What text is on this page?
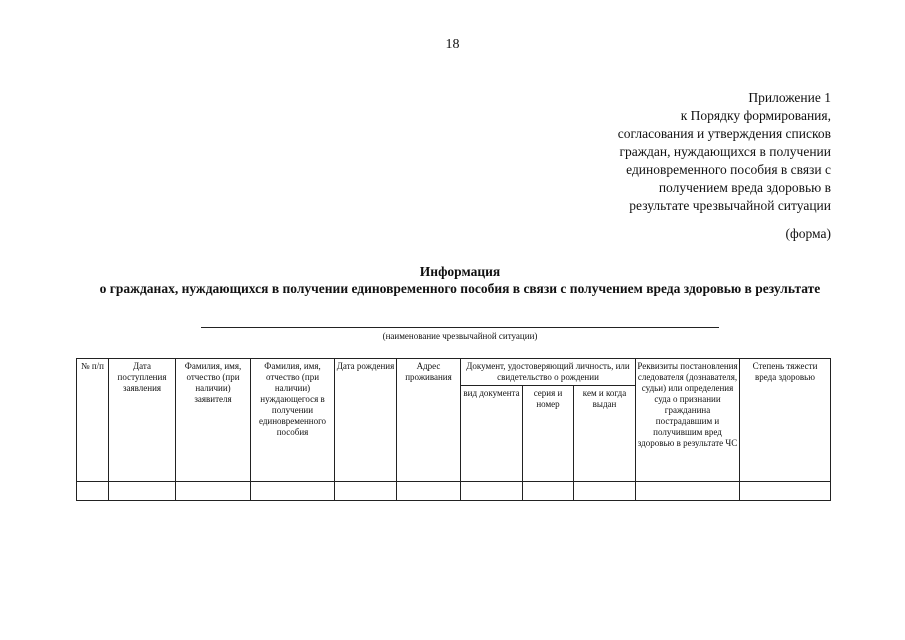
18
Приложение 1
к Порядку формирования,
согласования и утверждения списков
граждан, нуждающихся в получении
единовременного пособия в связи с
получением вреда здоровью в
результате чрезвычайной ситуации
(форма)
Информация
о гражданах, нуждающихся в получении единовременного пособия в связи с получением вреда здоровью в результате
(наименование чрезвычайной ситуации)
№ п/п	Дата поступления заявления	Фамилия, имя, отчество (при наличии) заявителя	Фамилия, имя, отчество (при наличии) нуждающегося в получении единовременного пособия	Дата рождения	Адрес проживания	Документ, удостоверяющий личность, или свидетельство о рождении			Реквизиты постановления следователя (дознавателя, судьи) или определения суда о признании гражданина пострадавшим и получившим вред здоровью в результате ЧС	Степень тяжести вреда здоровью
						вид документа	серия и номер	кем и когда выдан		
